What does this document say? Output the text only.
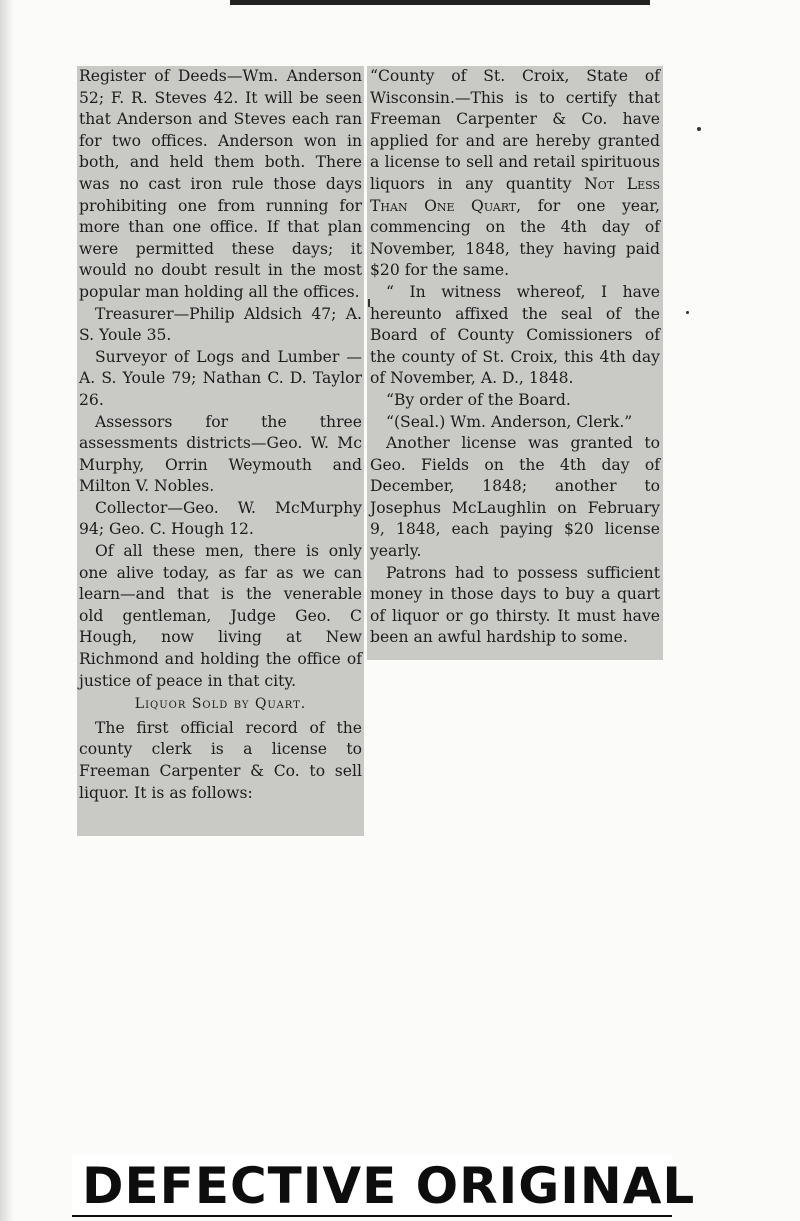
Register of Deeds—Wm. Anderson 52; F. R. Steves 42. It will be seen that Anderson and Steves each ran for two offices. Anderson won in both, and held them both. There was no cast iron rule those days prohibiting one from running for more than one office. If that plan were permitted these days; it would no doubt result in the most popular man holding all the offices.

Treasurer—Philip Aldsich 47; A. S. Youle 35.

Surveyor of Logs and Lumber —A. S. Youle 79; Nathan C. D. Taylor 26.

Assessors for the three assessments districts—Geo. W. Mc Murphy, Orrin Weymouth and Milton V. Nobles.

Collector—Geo. W. McMurphy 94; Geo. C. Hough 12.

Of all these men, there is only one alive today, as far as we can learn—and that is the venerable old gentleman, Judge Geo. C Hough, now living at New Richmond and holding the office of justice of peace in that city.

Liquor Sold by Quart.

The first official record of the county clerk is a license to Freeman Carpenter & Co. to sell liquor. It is as follows:

“County of St. Croix, State of Wisconsin.—This is to certify that Freeman Carpenter & Co. have applied for and are hereby granted a license to sell and retail spirituous liquors in any quantity Not Less Than One Quart, for one year, commencing on the 4th day of November, 1848, they having paid $20 for the same.

“ In witness whereof, I have hereunto affixed the seal of the Board of County Comissioners of the county of St. Croix, this 4th day of November, A. D., 1848.

“By order of the Board.

“(Seal.) Wm. Anderson, Clerk.”

Another license was granted to Geo. Fields on the 4th day of December, 1848; another to Josephus McLaughlin on February 9, 1848, each paying $20 license yearly.

Patrons had to possess sufficient money in those days to buy a quart of liquor or go thirsty. It must have been an awful hardship to some.

DEFECTIVE ORIGINAL
